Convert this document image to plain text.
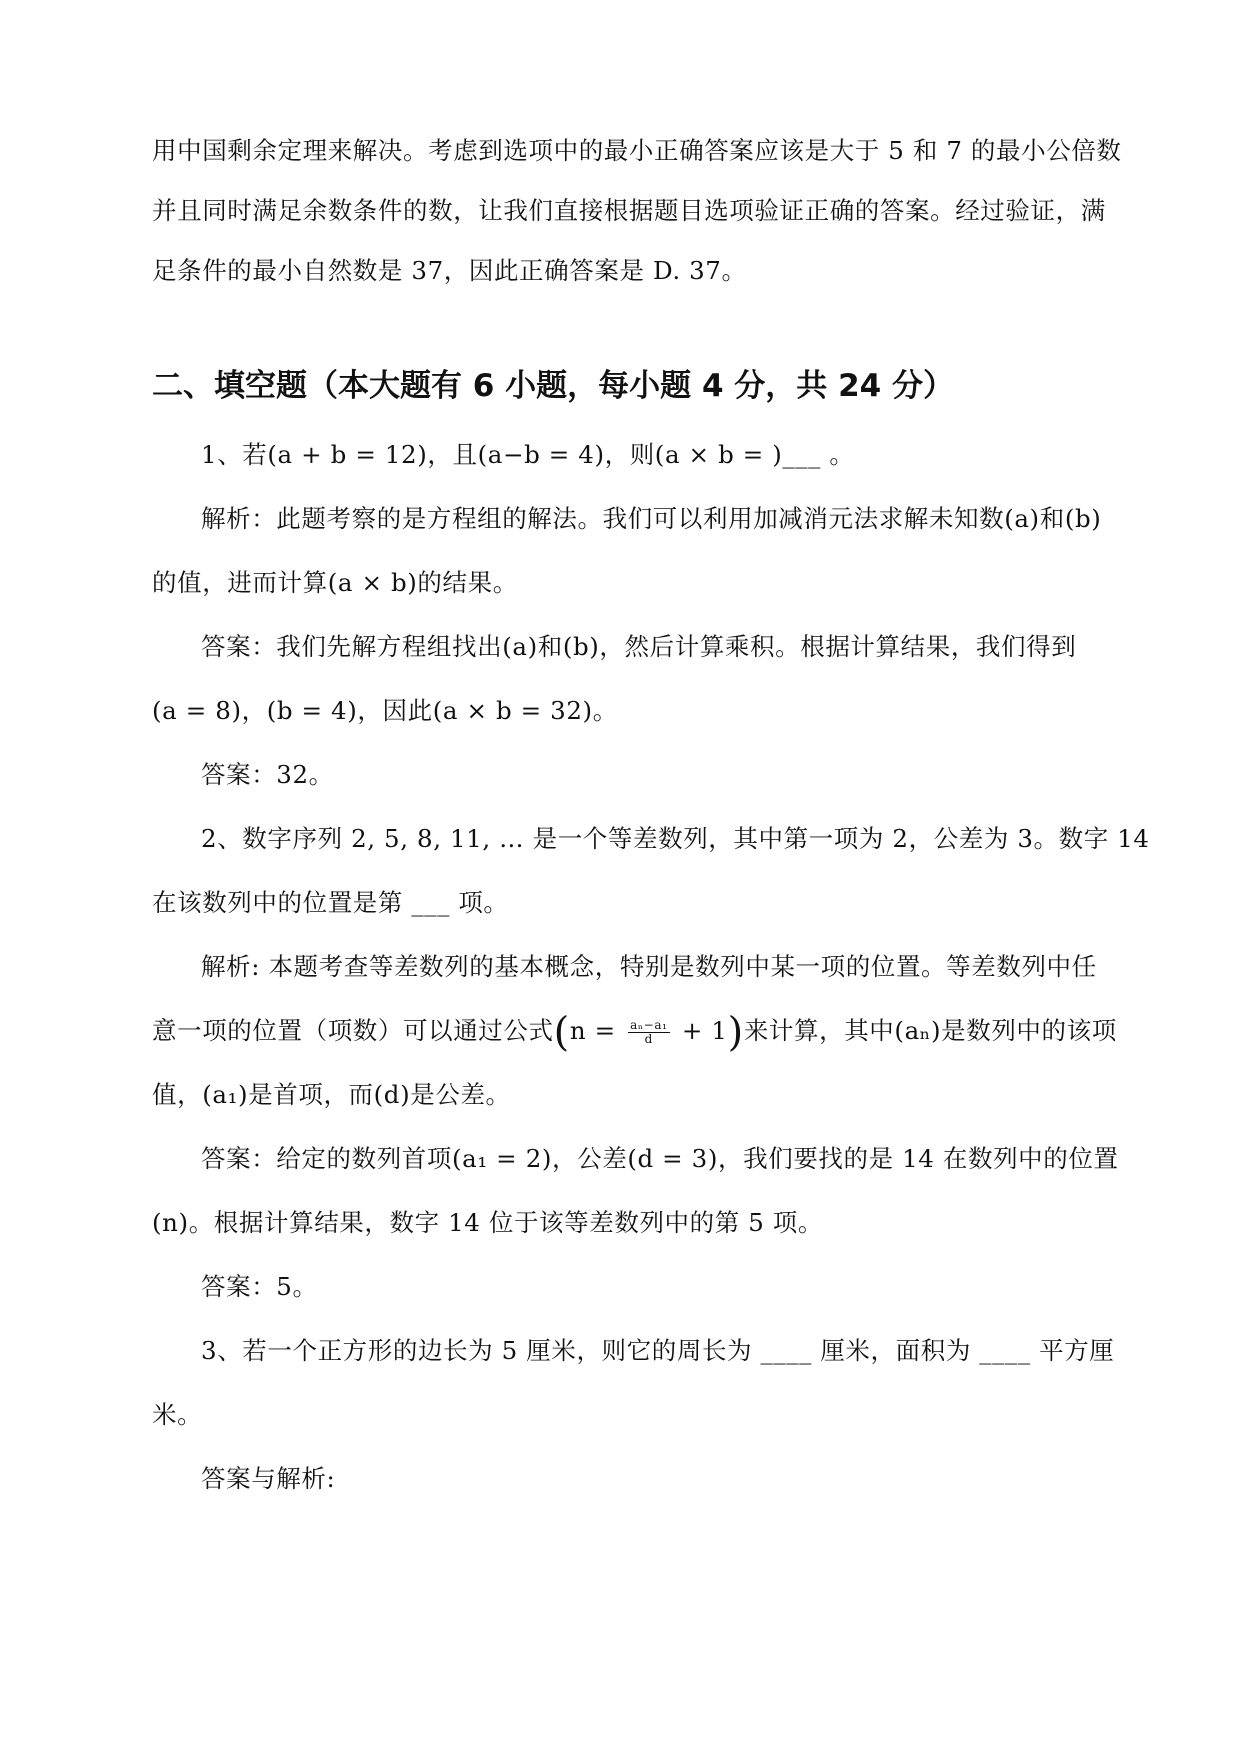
用中国剩余定理来解决。考虑到选项中的最小正确答案应该是大于 5 和 7 的最小公倍数

并且同时满足余数条件的数，让我们直接根据题目选项验证正确的答案。经过验证，满

足条件的最小自然数是 37，因此正确答案是 D. 37。

二、填空题（本大题有 6 小题，每小题 4 分，共 24 分）

1、若(a + b = 12)，且(a−b = 4)，则(a × b = )___ 。

解析：此题考察的是方程组的解法。我们可以利用加减消元法求解未知数(a)和(b)

的值，进而计算(a × b)的结果。

答案：我们先解方程组找出(a)和(b)，然后计算乘积。根据计算结果，我们得到

(a = 8)，(b = 4)，因此(a × b = 32)。

答案：32。

2、数字序列 2, 5, 8, 11, … 是一个等差数列，其中第一项为 2，公差为 3。数字 14

在该数列中的位置是第 ___ 项。

解析: 本题考查等差数列的基本概念，特别是数列中某一项的位置。等差数列中任

意一项的位置（项数）可以通过公式$(n = \frac{\text{aₙ−a₁}}{d} + 1)$来计算，其中(aₙ)是数列中的该项

值，(a₁)是首项，而(d)是公差。

答案：给定的数列首项(a₁ = 2)，公差(d = 3)，我们要找的是 14 在数列中的位置

(n)。根据计算结果，数字 14 位于该等差数列中的第 5 项。

答案：5。

3、若一个正方形的边长为 5 厘米，则它的周长为 ____ 厘米，面积为 ____ 平方厘

米。

答案与解析:
